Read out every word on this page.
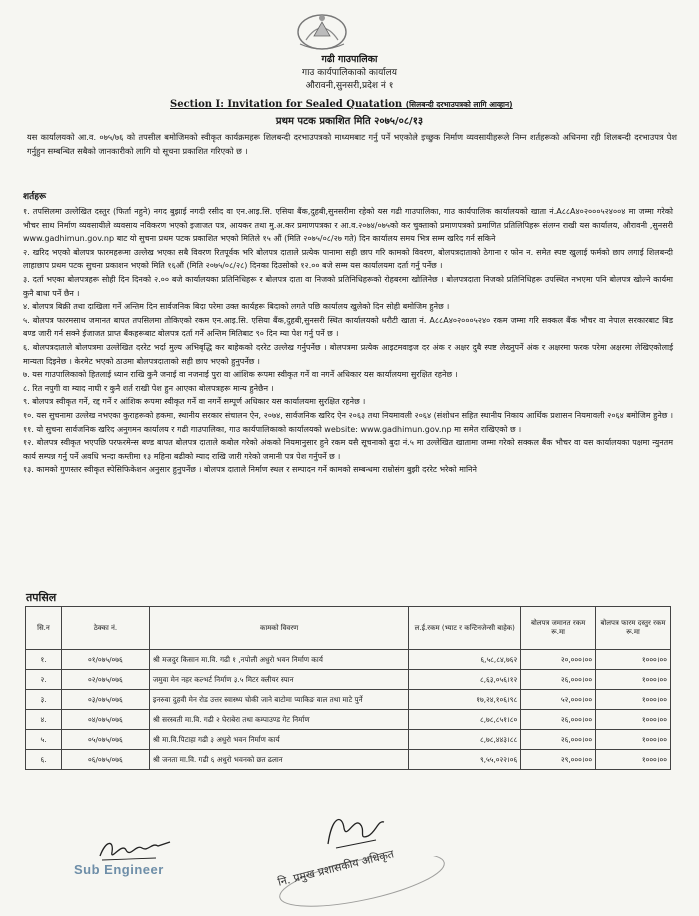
गढी गाउपालिका
गाउ कार्यपालिकाको कार्यालय
औरावनी,सुनसरी,प्रदेश नं १
Section I: Invitation for Sealed Quatation (सिलबन्दी दरभाउपत्रको लागि आव्हान)
प्रथम पटक प्रकाशित मिति २०७५/०८/१३
यस कार्यालयको आ.व. ०७५/७६ को तपसील बमोजिमको स्वीकृत कार्यक्रमहरू शिलबन्दी दरभाउपत्रको माध्यमबाट गर्नु पर्ने भएकोले इच्छुक निर्माण व्यवसायीहरूले निम्न शर्तहरूको अधिनमा रही शिलबन्दी दरभाउपत्र पेश गर्नुहुन सम्बन्धित सबैको जानकारीको लागि यो सूचना प्रकाशित गरिएको छ ।
शर्तहरू
१. तपसिलमा उल्लेखित दस्तुर (फिर्ता नहुने) नगद बुझाई नगदी रसीद वा एन.आइ.सि. एसिया बैंक,दुहबी,सुनसरीमा रहेको यस गढी गाउपालिका, गाउ कार्यपालिक कार्यालयको खाता नं.A८८A४०२०००५२४००४ मा जम्मा गरेको भौचर साथ निर्माण व्यवसायीले व्यवसाय नविकरण भएको इजाजत पत्र, आयकर तथा मु.अ.कर प्रमाणपत्रका र आ.व.२०७४/०७५को कर चुक्ताको प्रमाणपत्रको प्रमाणित प्रतिलिपिहरू संलग्न राखी यस कार्यालय, औरावनी ,सुनसरी www.gadhimun.gov.np बाट यो सुचना प्रथम पटक प्रकाशित भएको मितिले १५ औं (मिति २०७५/०८/२७ गते) दिन कार्यालय समय भित्र सम्म खरिद गर्न सकिने
२. खरिद भएको बोलपत्र फारमहरूमा उल्लेख भएका सबै विवरण रितपूर्वक भरि बोलपत्र दाताले प्रत्येक पानामा सही छाप गरि कामको विवरण, बोलपत्रदाताको ठेगाना र फोन न. समेत स्पष्ट खुलाई फर्मको छाप लगाई शिलबन्दी लाहाछाप प्रथम पटक सुचना प्रकाशन भएको मिति १६औं (मिति २०७५/०८/२८) दिनका दिउसोको १२.०० बजे सम्म यस कार्यालयमा दर्ता गर्नु पर्नेछ ।
३. दर्ता भएका बोलपत्रहरू सोही दिन दिनको २.०० बजे कार्यालयका प्रतिनिधिहरू र बोलपत्र दाता वा निजको प्रतिनिधिहरूको रोहबरमा खोलिनेछ । बोलपत्रदाता निजको प्रतिनिधिहरू उपस्थित नभएमा पनि बोलपत्र खोल्ने कार्यमा कुनै बाधा पर्ने छैन ।
४. बोलपत्र बिक्री तथा दाखिला गर्ने अन्तिम दिन सार्वजनिक बिदा परेमा उक्त कार्यहरू बिदाको लगते पछि कार्यालय खुलेको दिन सोही बमोजिम हुनेछ ।
५. बोलपत्र फारमसाथ जमानत बापत तपसिलमा तोकिएको रकम एन.आइ.सि. एसिया बैंक,दुहबी,सुनसरी स्थित कार्यालयको धरौटी खाता नं. A८८A४०२०००५२४० रकम जम्मा गरि सक्कल बैंक भौचर वा नेपाल सरकारबाट बिड बण्ड जारी गर्न सक्ने ईजाजत प्राप्त बैंकहरूबाट बोलपत्र दर्ता गर्ने अन्तिम मितिबाट ९० दिन म्या पेश गर्नु पर्ने छ ।
६. बोलपत्रदाताले बोलपत्रमा उल्लेखित दररेट भर्दा मुल्य अभिबृद्धि कर बाहेकको दररेट उल्लेख गर्नुपर्नेछ । बोलपत्रमा प्रत्येक आइटमवाइज दर अंक र अक्षर दुबै स्पष्ट लेख्नुपर्ने अंक र अक्षरमा फरक परेमा अक्षरमा लेखिएकोलाई मान्यता दिइनेछ । केरमेट भएको ठाउमा बोलपत्रदाताको सही छाप भएको हुनुपर्नेछ ।
७. यस गाउपालिकाको हितलाई ध्यान राखि कुनै जनाई वा नजनाई पुरा वा आंशिक रूपमा स्वीकृत गर्ने वा नगर्ने अधिकार यस कार्यालयमा सुरक्षित रहनेछ ।
८. रित नपुगी वा म्याद नाघी र कुनै शर्त राखी पेश हुन आएका बोलपत्रहरू मान्य हुनेछैन ।
९. बोलपत्र स्वीकृत गर्ने, रद्द गर्ने र आंशिक रूपमा स्वीकृत गर्ने वा नगर्ने सम्पूर्ण अधिकार यस कार्यालयमा सुरक्षित रहनेछ ।
१०. यस सुचनामा उल्लेख नभएका कुराहरूको हकमा, स्थानीय सरकार संचालन ऐन, २०७४, सार्वजनिक खरिद ऐन २०६३ तथा नियमावली २०६४ (संशोधन सहित स्थानीय निकाय आर्थिक प्रशासन नियमावली २०६४ बमोजिम हुनेछ ।
११. यो सुचना सार्वजनिक खरिद अनुगमन कार्यालय र गढी गाउपालिका, गाउ कार्यपालिकाको कार्यालयको website: www.gadhimun.gov.np मा समेत राखिएको छ ।
१२. बोलपत्र स्वीकृत भएपछि परफरमेन्स बण्ड बापत बोलपत्र दाताले कबोल गरेको अंकको नियमानुसार हुने रकम यसै सूचनाको बुदा नं.५ मा उल्लेखित खातामा जम्मा गरेको सक्कल बैंक भौचर वा यस कार्यालयका पक्षमा न्युनतम कार्य सम्पन्न गर्नु पर्ने अवधि भन्दा कम्तीमा १३ महिना बढीको म्याद राखि जारी गरेको जमानी पत्र पेश गर्नुपर्ने छ ।
१३. कामको गुणस्तर स्वीकृत स्पेसिफिकेशन अनुसार हुनुपर्नेछ । बोलपत्र दाताले निर्माण स्थल र सम्पादन गर्ने कामको सम्बन्धमा राम्रोसंग बुझी दररेट भरेको मानिने
तपसिल
सि.न	ठेक्का नं.	कामको विवरण	ल.ई.रकम (भ्याट र कन्टिनजेन्सी बाहेक)	बोलपत्र जमानत रकम रू.मा	बोलपत्र फारम दस्तुर रकम रू.मा
१.	०१/०७५/०७६	श्री मजदुर किसान मा.वि. गढी १ ,नपोली अधुरो भवन निर्माण कार्य	६,५८,८४,७६२	२०,०००।००	१०००।००
२.	०२/०७५/०७६	जमुवा मेन नहर कल्भर्ट निर्माण ३.५ मिटर क्लीयर स्पान	८,६३,०५६।१२	२६,०००।००	१०००।००
३.	०३/०७५/०७६	इनरुवा दुहवी मेन रोड उत्तर स्वास्थ्य चोकी जाने बाटोमा प्याकिङ वाल तथा माटे पुर्ने	१७,२४,१०६।९८	५२,०००।००	१०००।००
४.	०४/०७५/०७६	श्री सरस्वती मा.वि. गढी २ घेराबेरा तथा कम्पाउण्ड गेट निर्माण	८,७८,८५१।८०	२६,०००।००	१०००।००
५.	०५/०७५/०७६	श्री मा.वि.पिटाहा गढी ३ अधुरो भवन निर्माण कार्य	८,७८,४४३।८८	२६,०००।००	१०००।००
६.	०६/०७५/०७६	श्री जनता मा.वि. गढी ६ अधुरो भवनको छत ढलान	९,५५,०२२।०६	२९,०००।००	१०००।००
Sub Engineer	नि. प्रमुख प्रशासकीय अधिकृत
